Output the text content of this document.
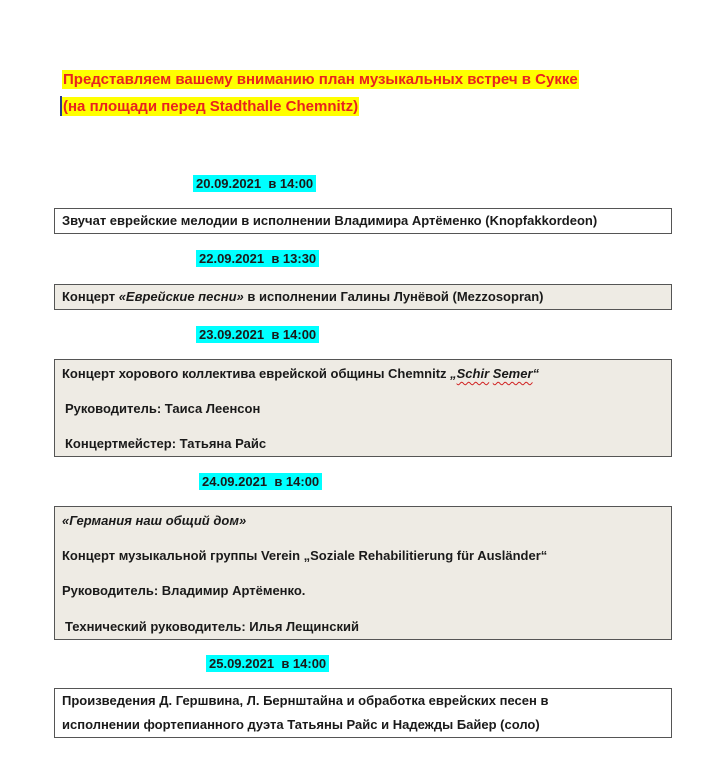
Представляем вашему вниманию план музыкальных встреч в Сукке
(на площади перед Stadthalle Chemnitz)
20.09.2021 в 14:00
Звучат еврейские мелодии в исполнении Владимира Артёменко (Knopfakkordeon)
22.09.2021 в 13:30
Концерт «Еврейские песни» в исполнении Галины Лунёвой (Mezzosopran)
23.09.2021 в 14:00
Концерт хорового коллектива еврейской общины Chemnitz „Schir Semer“
Руководитель: Таиса Леенсон
Концертмейстер: Татьяна Райс
24.09.2021 в 14:00
«Германия наш общий дом»
Концерт музыкальной группы Verein „Soziale Rehabilitierung für Ausländer“
Руководитель: Владимир Артёменко.
Технический руководитель: Илья Лещинский
25.09.2021 в 14:00
Произведения Д. Гершвина, Л. Бернштайна и обработка еврейских песен в
исполнении фортепианного дуэта Татьяны Райс и Надежды Байер (соло)
